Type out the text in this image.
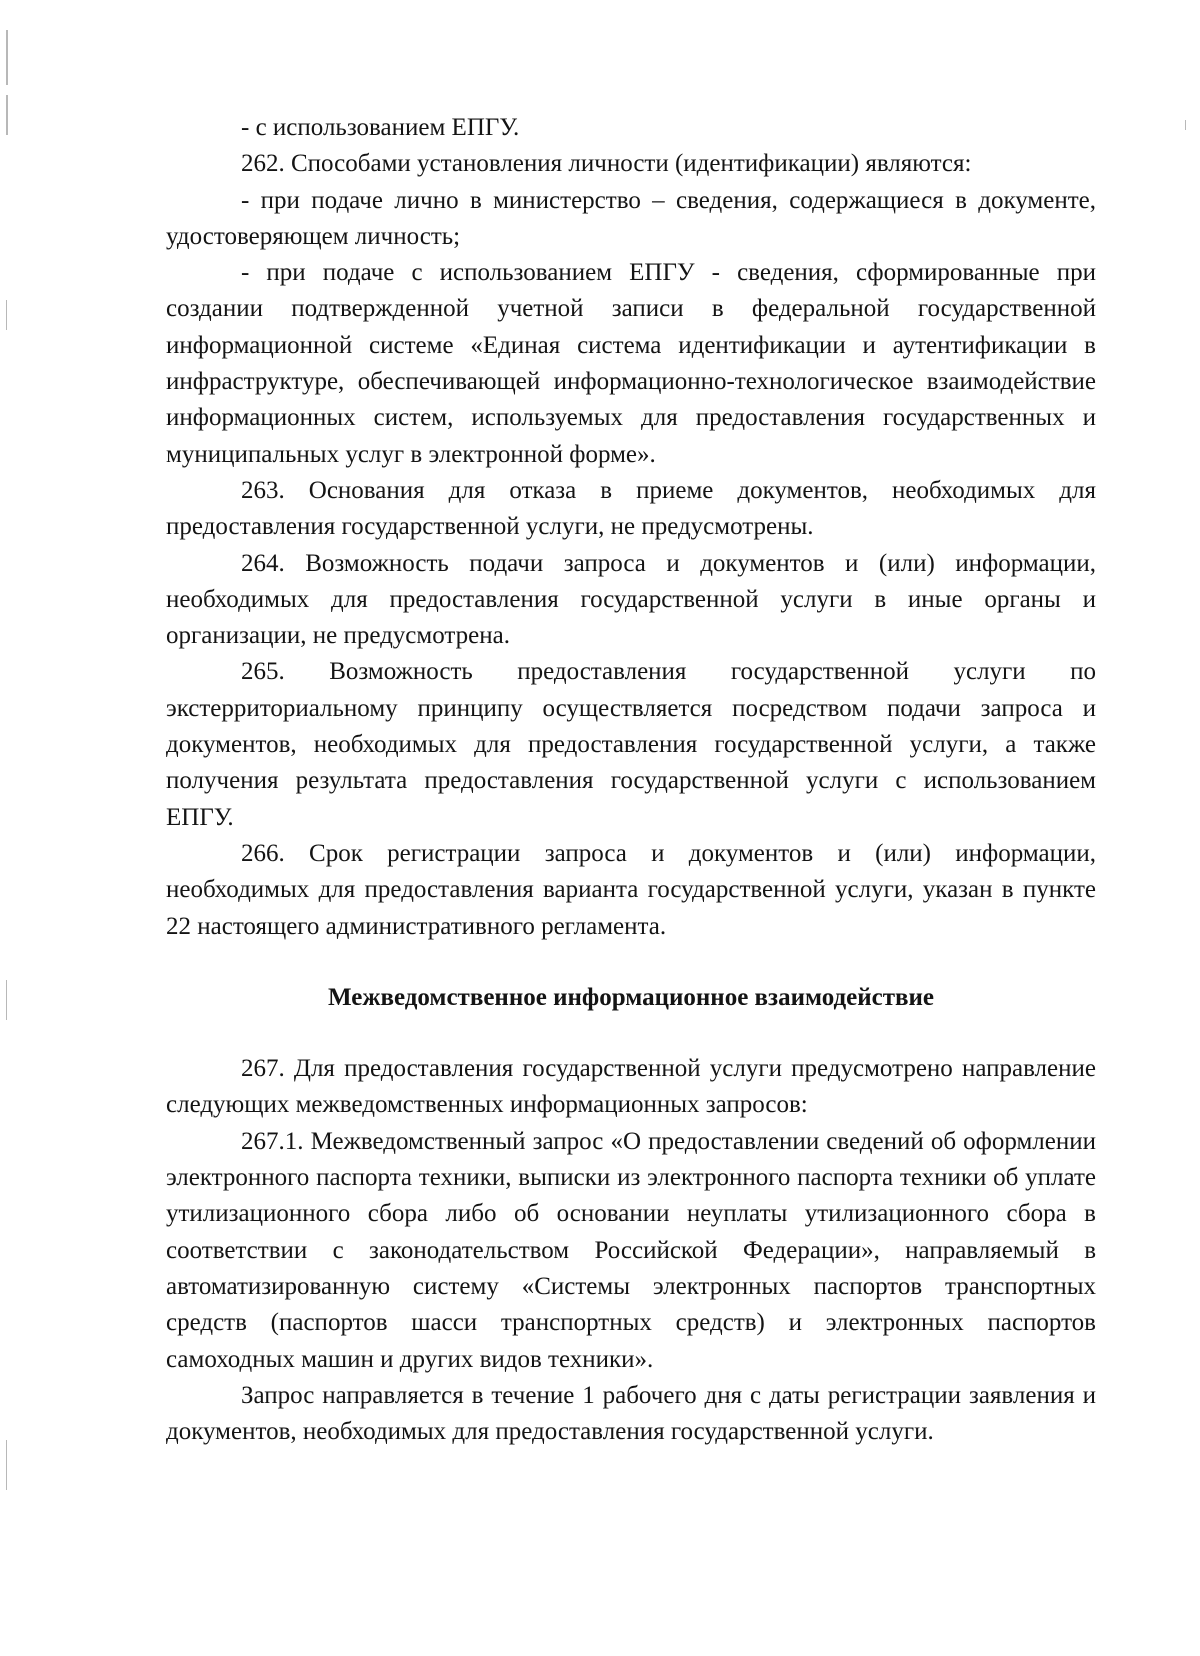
- с использованием ЕПГУ.

262. Способами установления личности (идентификации) являются:

- при подаче лично в министерство – сведения, содержащиеся в документе, удостоверяющем личность;

- при подаче с использованием ЕПГУ - сведения, сформированные при создании подтвержденной учетной записи в федеральной государственной информационной системе «Единая система идентификации и аутентификации в инфраструктуре, обеспечивающей информационно-технологическое взаимодействие информационных систем, используемых для предоставления государственных и муниципальных услуг в электронной форме».

263. Основания для отказа в приеме документов, необходимых для предоставления государственной услуги, не предусмотрены.

264. Возможность подачи запроса и документов и (или) информации, необходимых для предоставления государственной услуги в иные органы и организации, не предусмотрена.

265. Возможность предоставления государственной услуги по экстерриториальному принципу осуществляется посредством подачи запроса и документов, необходимых для предоставления государственной услуги, а также получения результата предоставления государственной услуги с использованием ЕПГУ.

266. Срок регистрации запроса и документов и (или) информации, необходимых для предоставления варианта государственной услуги, указан в пункте 22 настоящего административного регламента.

Межведомственное информационное взаимодействие

267. Для предоставления государственной услуги предусмотрено направление следующих межведомственных информационных запросов:

267.1. Межведомственный запрос «О предоставлении сведений об оформлении электронного паспорта техники, выписки из электронного паспорта техники об уплате утилизационного сбора либо об основании неуплаты утилизационного сбора в соответствии с законодательством Российской Федерации», направляемый в автоматизированную систему «Системы электронных паспортов транспортных средств (паспортов шасси транспортных средств) и электронных паспортов самоходных машин и других видов техники».

Запрос направляется в течение 1 рабочего дня с даты регистрации заявления и документов, необходимых для предоставления государственной услуги.
